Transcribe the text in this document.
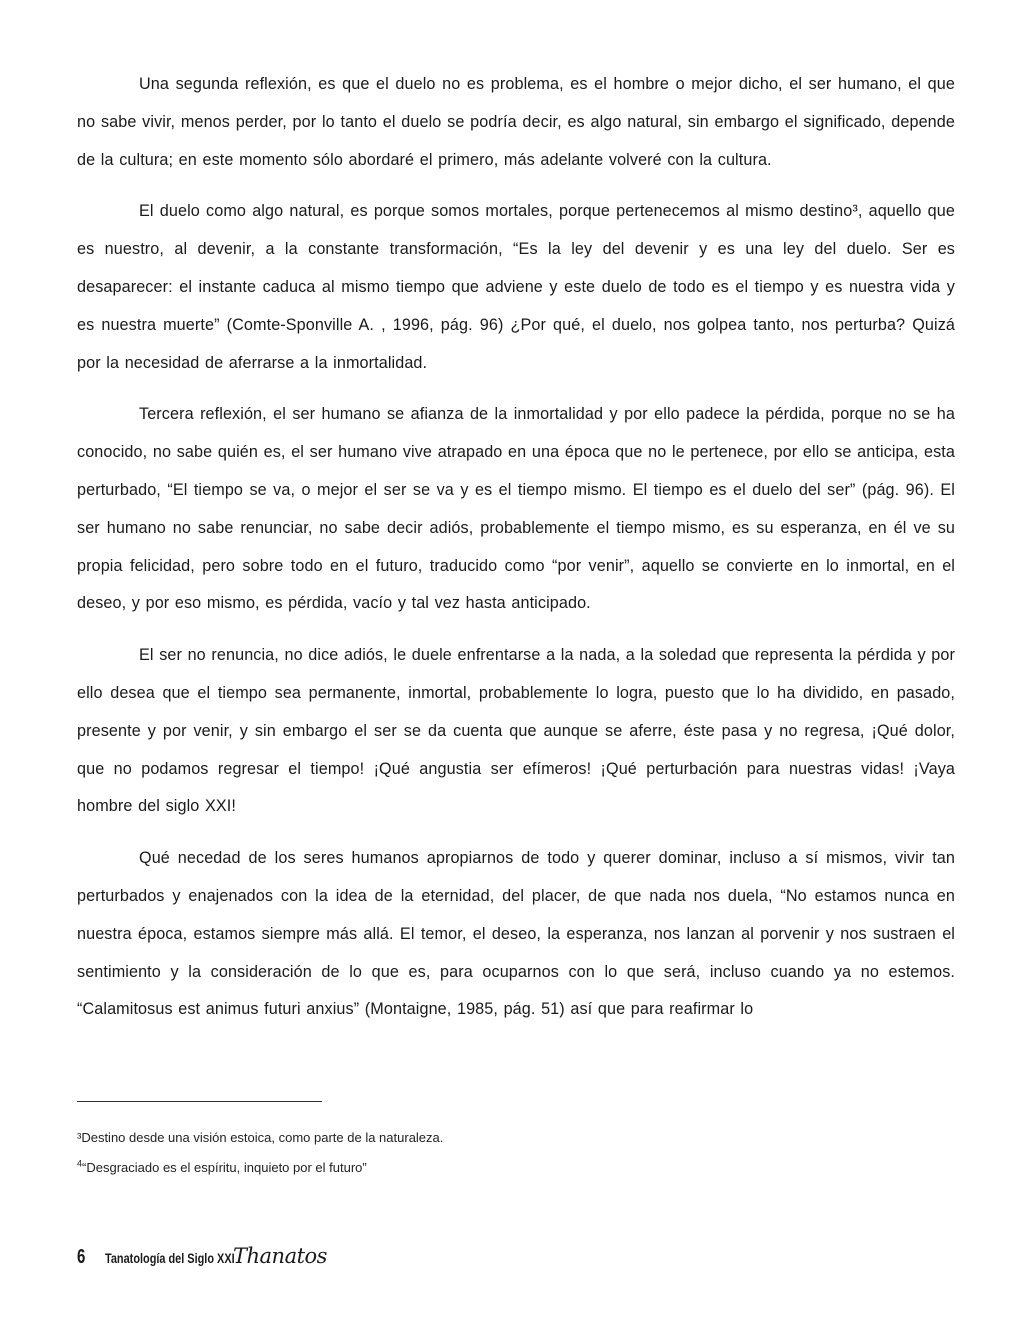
Una segunda reflexión, es que el duelo no es problema, es el hombre o mejor dicho, el ser humano, el que no sabe vivir, menos perder, por lo tanto el duelo se podría decir, es algo natural, sin embargo el significado, depende de la cultura; en este momento sólo abordaré el primero, más adelante volveré con la cultura.

El duelo como algo natural, es porque somos mortales, porque pertenecemos al mismo destino³, aquello que es nuestro, al devenir, a la constante transformación, “Es la ley del devenir y es una ley del duelo. Ser es desaparecer: el instante caduca al mismo tiempo que adviene y este duelo de todo es el tiempo y es nuestra vida y es nuestra muerte” (Comte-Sponville A. , 1996, pág. 96) ¿Por qué, el duelo, nos golpea tanto, nos perturba? Quizá por la necesidad de aferrarse a la inmortalidad.

Tercera reflexión, el ser humano se afianza de la inmortalidad y por ello padece la pérdida, porque no se ha conocido, no sabe quién es, el ser humano vive atrapado en una época que no le pertenece, por ello se anticipa, esta perturbado, “El tiempo se va, o mejor el ser se va y es el tiempo mismo. El tiempo es el duelo del ser” (pág. 96). El ser humano no sabe renunciar, no sabe decir adiós, probablemente el tiempo mismo, es su esperanza, en él ve su propia felicidad, pero sobre todo en el futuro, traducido como “por venir”, aquello se convierte en lo inmortal, en el deseo, y por eso mismo, es pérdida, vacío y tal vez hasta anticipado.

El ser no renuncia, no dice adiós, le duele enfrentarse a la nada, a la soledad que representa la pérdida y por ello desea que el tiempo sea permanente, inmortal, probablemente lo logra, puesto que lo ha dividido, en pasado, presente y por venir, y sin embargo el ser se da cuenta que aunque se aferre, éste pasa y no regresa, ¡Qué dolor, que no podamos regresar el tiempo! ¡Qué angustia ser efímeros! ¡Qué perturbación para nuestras vidas! ¡Vaya hombre del siglo XXI!

Qué necedad de los seres humanos apropiarnos de todo y querer dominar, incluso a sí mismos, vivir tan perturbados y enajenados con la idea de la eternidad, del placer, de que nada nos duela, “No estamos nunca en nuestra época, estamos siempre más allá. El temor, el deseo, la esperanza, nos lanzan al porvenir y nos sustraen el sentimiento y la consideración de lo que es, para ocuparnos con lo que será, incluso cuando ya no estemos. “Calamitosus est animus futuri anxius” (Montaigne, 1985, pág. 51) así que para reafirmar lo

³Destino desde una visión estoica, como parte de la naturaleza.

$^4$“Desgraciado es el espíritu, inquieto por el futuro”

6 Tanatología del Siglo XXI
Thanatos
